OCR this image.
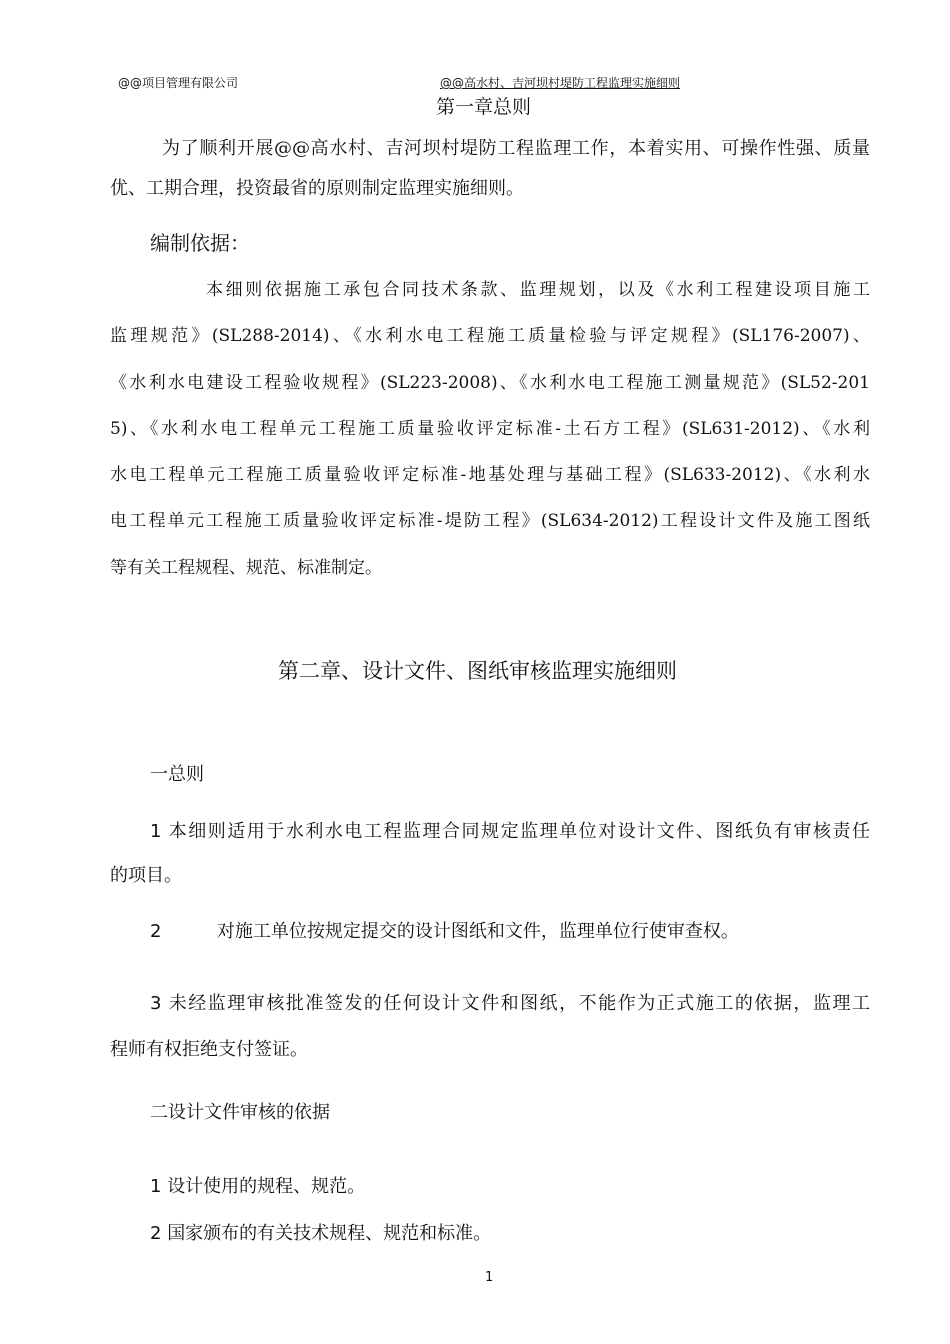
@@项目管理有限公司	@@高水村、吉河坝村堤防工程监理实施细则
第一章总则
为了顺利开展@@高水村、吉河坝村堤防工程监理工作，本着实用、可操作性强、质量
优、工期合理，投资最省的原则制定监理实施细则。
编制依据：
本细则依据施工承包合同技术条款、监理规划，以及《水利工程建设项目施工
监理规范》(SL288-2014)、《水利水电工程施工质量检验与评定规程》(SL176-2007)、
《水利水电建设工程验收规程》(SL223-2008)、《水利水电工程施工测量规范》(SL52-201
5)、《水利水电工程单元工程施工质量验收评定标准-土石方工程》(SL631-2012)、《水利
水电工程单元工程施工质量验收评定标准-地基处理与基础工程》(SL633-2012)、《水利水
电工程单元工程施工质量验收评定标准-堤防工程》(SL634-2012)工程设计文件及施工图纸
等有关工程规程、规范、标准制定。
第二章、设计文件、图纸审核监理实施细则
一总则
1 本细则适用于水利水电工程监理合同规定监理单位对设计文件、图纸负有审核责任
的项目。
2	对施工单位按规定提交的设计图纸和文件，监理单位行使审查权。
3 未经监理审核批准签发的任何设计文件和图纸，不能作为正式施工的依据，监理工
程师有权拒绝支付签证。
二设计文件审核的依据
1 设计使用的规程、规范。
2 国家颁布的有关技术规程、规范和标准。
1
